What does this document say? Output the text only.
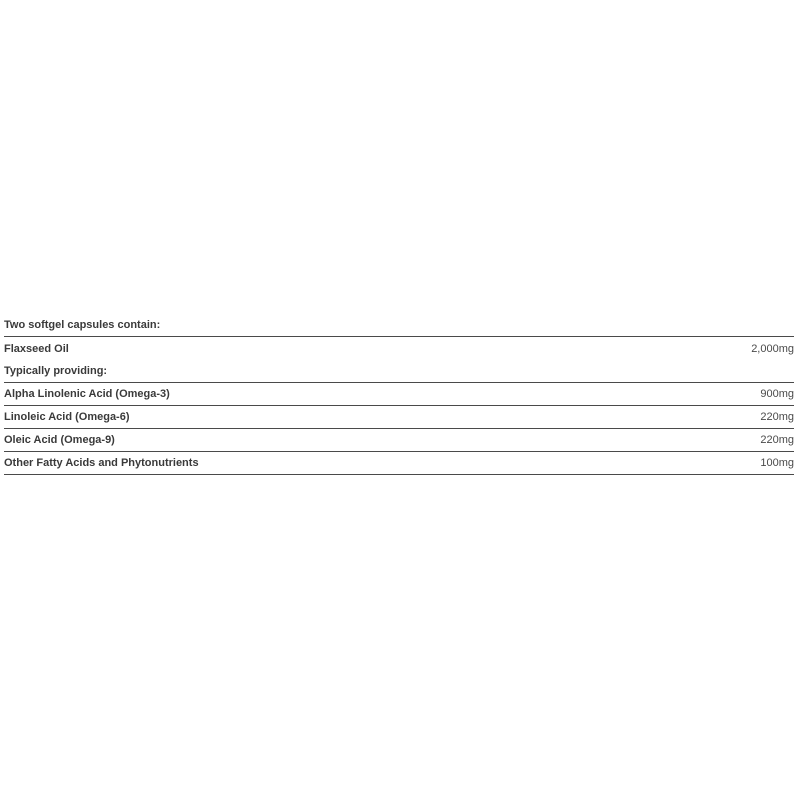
Two softgel capsules contain:	
Flaxseed Oil	2,000mg
Typically providing:	
Alpha Linolenic Acid (Omega-3)	900mg
Linoleic Acid (Omega-6)	220mg
Oleic Acid (Omega-9)	220mg
Other Fatty Acids and Phytonutrients	100mg
